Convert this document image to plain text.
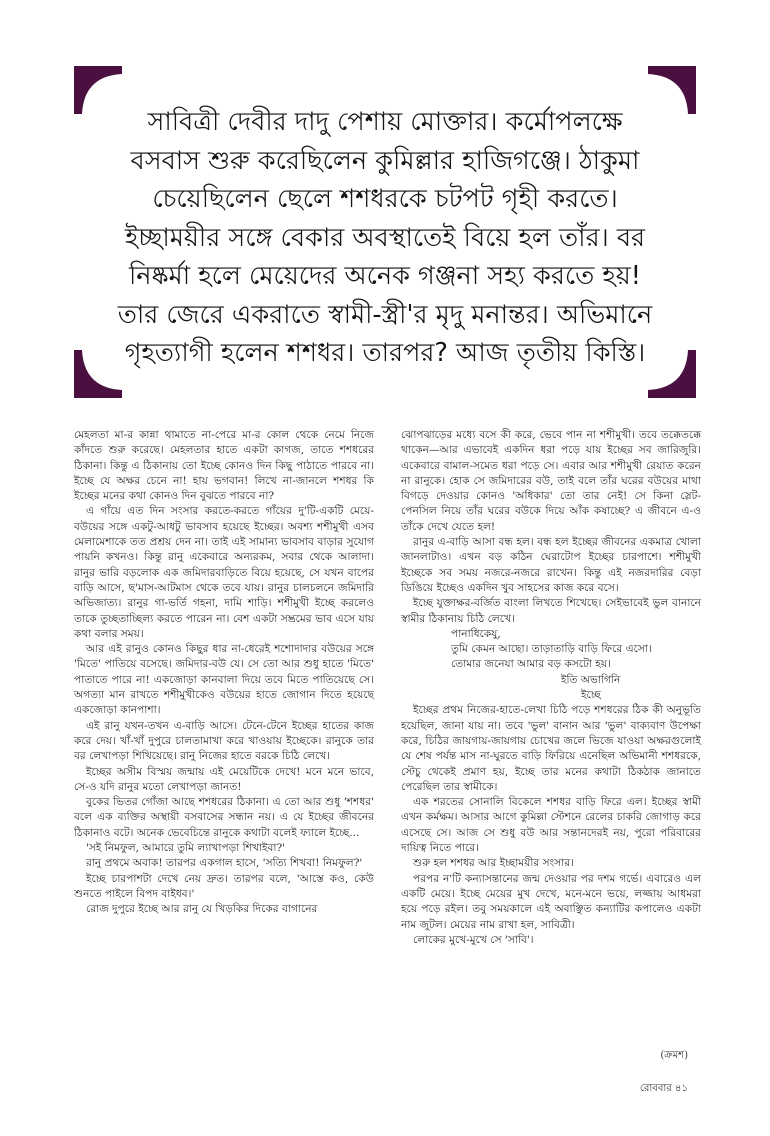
সাবিত্রী দেবীর দাদু পেশায় মোক্তার। কর্মোপলক্ষে

বসবাস শুরু করেছিলেন কুমিল্লার হাজিগঞ্জে। ঠাকুমা

চেয়েছিলেন ছেলে শশধরকে চটপট গৃহী করতে।

ইচ্ছাময়ীর সঙ্গে বেকার অবস্থাতেই বিয়ে হল তাঁর। বর

নিষ্কর্মা হলে মেয়েদের অনেক গঞ্জনা সহ্য করতে হয়!

তার জেরে একরাতে স্বামী-স্ত্রী'র মৃদু মনান্তর। অভিমানে

গৃহত্যাগী হলেন শশধর। তারপর? আজ তৃতীয় কিস্তি।

মেহলতা মা-র কান্না থামাতে না-পেরে মা-র কোল থেকে নেমে নিজে কাঁদতে শুরু করেছে। মেহলতার হাতে একটা কাগজ, তাতে শশধরের ঠিকানা। কিন্তু এ ঠিকানায় তো ইচ্ছে কোনও দিন কিছু পাঠাতে পারবে না। ইচ্ছে যে অক্ষর চেনে না! হায় ভগবান! লিখে না-জানলে শশধর কি ইচ্ছের মনের কথা কোনও দিন বুঝতে পারবে না?

এ গাঁয়ে এত দিন সংসার করতে-করতে গাঁয়ের দু'টি-একটি মেয়ে-বউয়ের সঙ্গে একটু-আধটু ভাবসাব হয়েছে ইচ্ছের। অবশ্য শশীমুখী এসব মেলামেশাকে তত প্রশ্রয় দেন না। তাই এই সামান্য ভাবসাব বাড়ার সুযোগ পায়নি কখনও। কিন্তু রানু একেবারে অন্যরকম, সবার থেকে আলাদা। রানুর ভারি বড়লোক এক জমিদারবাড়িতে বিয়ে হয়েছে, সে যখন বাপের বাড়ি আসে, ছ'মাস-আটমাস থেকে তবে যায়। রানুর চালচলনে জমিদারি অভিজাত্য। রানুর গা-ভর্তি গহনা, দামি শাড়ি। শশীমুখী ইচ্ছে করলেও তাকে তুচ্ছতাচ্ছিল্য করতে পারেন না। বেশ একটা সম্ভ্রমের ভাব এসে যায় কথা বলার সময়।

আর এই রানুও কোনও কিছুর ধার না-ধেরেই শশোদাদার বউয়ের সঙ্গে 'মিতে' পাতিয়ে বসেছে। জমিদার-বউ যে। সে তো আর শুধু হাতে 'মিতে' পাতাতে পারে না! একজোড়া কানবালা দিয়ে তবে মিতে পাতিয়েছে সে। অগত্যা মান রাখতে শশীমুখীকেও বউয়ের হাতে জোগান দিতে হয়েছে একজোড়া কানপাশা।

এই রানু যখন-তখন এ-বাড়ি আসে। টেনে-টেনে ইচ্ছের হাতের কাজ করে দেয়। খাঁ-খাঁ দুপুরে চালতামাখা করে খাওয়ায় ইচ্ছেকে। রানুকে তার বর লেখাপড়া শিখিয়েছে। রানু নিজের হাতে বরকে চিঠি লেখে।

ইচ্ছের অসীম বিস্ময় জন্মায় এই মেয়েটিকে দেখে! মনে মনে ভাবে, সে-ও যদি রানুর মতো লেখাপড়া জানত!

বুকের ভিতর গোঁজা আছে শশধরের ঠিকানা। এ তো আর শুধু 'শশধর' বলে এক ব্যক্তির অস্থায়ী বসবাসের সন্ধান নয়। এ যে ইচ্ছের জীবনের ঠিকানাও বটে। অনেক ভেবেচিন্তে রানুকে কথাটা বলেই ফ্যালে ইচ্ছে...

'সই নিমফুল, আমারে তুমি ল্যাখাপড়া শিখাইবা?'

রানু প্রথমে অবাক! তারপর একগাল হাসে, 'সত্যি শিখবা! নিমফুল?'

ইচ্ছে চারপাশটা দেখে নেয় দ্রুত। তারপর বলে, 'আস্তে কও, কেউ শুনতে পাইলে বিপদ বাইধব।'

রোজ দুপুরে ইচ্ছে আর রানু যে খিড়কির দিকের বাগানের

ঝোপঝাড়ের মধ্যে বসে কী করে, ভেবে পান না শশীমুখী। তবে তক্কেতক্কে থাকেন—আর এভাবেই একদিন ধরা পড়ে যায় ইচ্ছের সব জারিজুরি। একেবারে বামাল-সমেত ধরা পড়ে সে। এবার আর শশীমুখী রেয়াত করেন না রানুকে। হোক সে জমিদারের বউ, তাই বলে তাঁর ঘরের বউয়ের মাথা বিগড়ে দেওয়ার কোনও 'অধিকার' তো তার নেই! সে কিনা স্লেট-পেনসিল নিয়ে তাঁর ঘরের বউকে দিয়ে আঁক কষাচ্ছে? এ জীবনে এ-ও তাঁকে দেখে যেতে হল!

রানুর এ-বাড়ি আসা বন্ধ হল। বন্ধ হল ইচ্ছের জীবনের একমাত্র খোলা জানলাটাও। এখন বড় কঠিন ঘেরাটোপ ইচ্ছের চারপাশে। শশীমুখী ইচ্ছেকে সব সময় নজরে-নজরে রাখেন। কিন্তু এই নজরদারির বেড়া ডিঙিয়ে ইচ্ছেও একদিন খুব সাহসের কাজ করে বসে।

ইচ্ছে যুক্তাক্ষর-বর্জিত বাংলা লিখতে শিখেছে। সেইভাবেই ভুল বানানে স্বামীর ঠিকানায় চিঠি লেখে।

পানাধিকেযু,
তুমি কেমন আছো। তাড়াতাড়ি বাড়ি ফিরে এসো।
তোমার জনেযা আমার বড় কসটো হয়।
ইতি অভাগিনি
ইচ্ছে

ইচ্ছের প্রথম নিজের-হাতে-লেখা চিঠি পড়ে শশধরের ঠিক কী অনুভূতি হয়েছিল, জানা যায় না। তবে 'ভুল' বানান আর 'ভুল' বাক্যবাণ উপেক্ষা করে, চিঠির জায়গায়-জায়গায় চোখের জলে ভিজে যাওয়া অক্ষরগুলোই যে শেষ পর্যন্ত মাস না-ঘুরতে বাড়ি ফিরিয়ে এনেছিল অভিমানী শশধরকে, স্টেচু থেকেই প্রমাণ হয়, ইচ্ছে তার মনের কথাটা ঠিকঠাক জানাতে পেরেছিল তার স্বামীকে।

এক শরতের সোনালি বিকেলে শশধর বাড়ি ফিরে এল। ইচ্ছের স্বামী এখন কর্মক্ষম। আসার আগে কুমিল্লা স্টেশনে রেলের চাকরি জোগাড় করে এসেছে সে। আজ সে শুধু বউ আর সন্তানদেরই নয়, পুরো পরিবারের দায়িত্ব নিতে পারে।

শুরু হল শশধর আর ইচ্ছাময়ীর সংসার।

পরপর ন'টি কন্যাসন্তানের জন্ম দেওয়ার পর দশম গর্ভে। এবারেও এল একটি মেয়ে। ইচ্ছে মেয়ের মুখ দেখে, মনে-মনে ভয়ে, লজ্জায় আধমরা হয়ে পড়ে রইল। তবু সময়কালে এই অবাঞ্ছিত কন্যাটির কপালেও একটা নাম জুটল। মেয়ের নাম রাখা হল, সাবিত্রী।

লোকের মুখে-মুখে সে 'সাবি'।

(ক্রমশ)
রোববার ৪১
